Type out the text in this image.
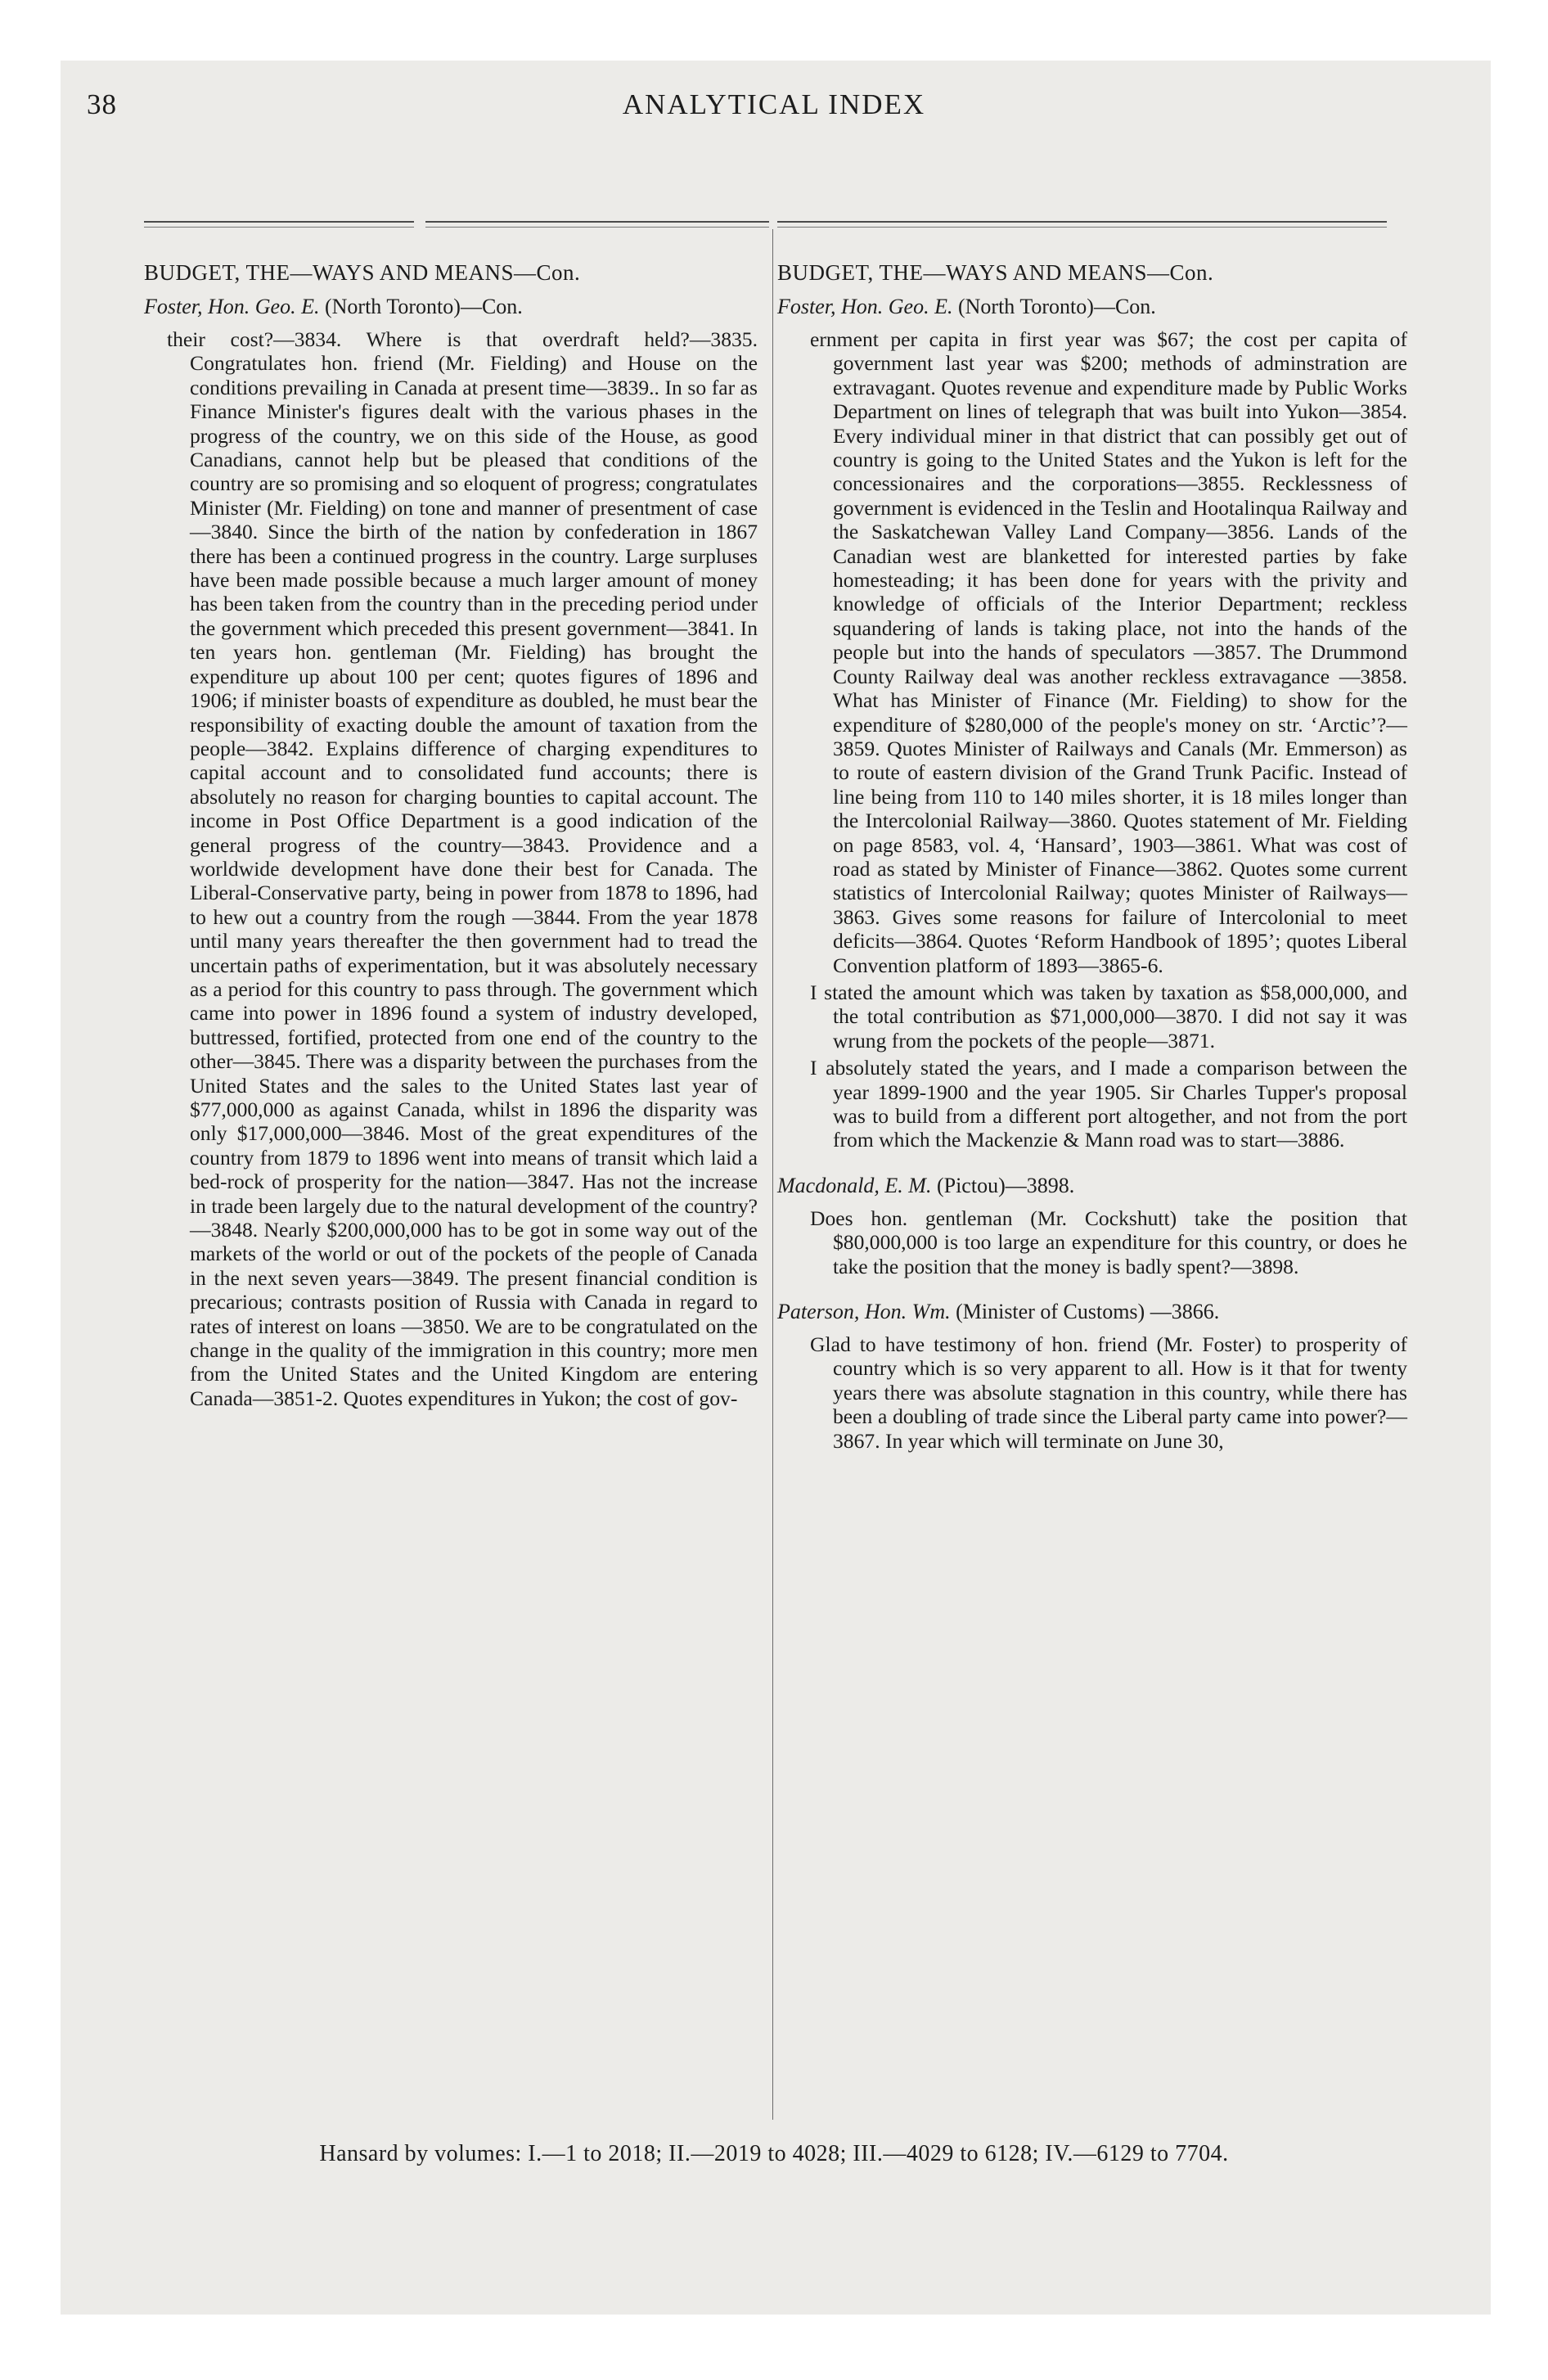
38	ANALYTICAL INDEX

BUDGET, THE—WAYS AND MEANS—Con.

Foster, Hon. Geo. E. (North Toronto)—Con.

their cost?—3834. Where is that overdraft held?—3835. Congratulates hon. friend (Mr. Fielding) and House on the conditions prevailing in Canada at present time—3839.. In so far as Finance Minister's figures dealt with the various phases in the progress of the country, we on this side of the House, as good Canadians, cannot help but be pleased that conditions of the country are so promising and so eloquent of progress; congratulates Minister (Mr. Fielding) on tone and manner of presentment of case—3840. Since the birth of the nation by confederation in 1867 there has been a continued progress in the country. Large surpluses have been made possible because a much larger amount of money has been taken from the country than in the preceding period under the government which preceded this present government—3841. In ten years hon. gentleman (Mr. Fielding) has brought the expenditure up about 100 per cent; quotes figures of 1896 and 1906; if minister boasts of expenditure as doubled, he must bear the responsibility of exacting double the amount of taxation from the people—3842. Explains difference of charging expenditures to capital account and to consolidated fund accounts; there is absolutely no reason for charging bounties to capital account. The income in Post Office Department is a good indication of the general progress of the country—3843. Providence and a worldwide development have done their best for Canada. The Liberal-Conservative party, being in power from 1878 to 1896, had to hew out a country from the rough —3844. From the year 1878 until many years thereafter the then government had to tread the uncertain paths of experimentation, but it was absolutely necessary as a period for this country to pass through. The government which came into power in 1896 found a system of industry developed, buttressed, fortified, protected from one end of the country to the other—3845. There was a disparity between the purchases from the United States and the sales to the United States last year of $77,000,000 as against Canada, whilst in 1896 the disparity was only $17,000,000—3846. Most of the great expenditures of the country from 1879 to 1896 went into means of transit which laid a bed-rock of prosperity for the nation—3847. Has not the increase in trade been largely due to the natural development of the country?—3848. Nearly $200,000,000 has to be got in some way out of the markets of the world or out of the pockets of the people of Canada in the next seven years—3849. The present financial condition is precarious; contrasts position of Russia with Canada in regard to rates of interest on loans —3850. We are to be congratulated on the change in the quality of the immigration in this country; more men from the United States and the United Kingdom are entering Canada—3851-2. Quotes expenditures in Yukon; the cost of gov-

BUDGET, THE—WAYS AND MEANS—Con.

Foster, Hon. Geo. E. (North Toronto)—Con.

ernment per capita in first year was $67; the cost per capita of government last year was $200; methods of adminstration are extravagant. Quotes revenue and expenditure made by Public Works Department on lines of telegraph that was built into Yukon—3854. Every individual miner in that district that can possibly get out of country is going to the United States and the Yukon is left for the concessionaires and the corporations—3855. Recklessness of government is evidenced in the Teslin and Hootalinqua Railway and the Saskatchewan Valley Land Company—3856. Lands of the Canadian west are blanketted for interested parties by fake homesteading; it has been done for years with the privity and knowledge of officials of the Interior Department; reckless squandering of lands is taking place, not into the hands of the people but into the hands of speculators —3857. The Drummond County Railway deal was another reckless extravagance —3858. What has Minister of Finance (Mr. Fielding) to show for the expenditure of $280,000 of the people's money on str. ‘Arctic’?—3859. Quotes Minister of Railways and Canals (Mr. Emmerson) as to route of eastern division of the Grand Trunk Pacific. Instead of line being from 110 to 140 miles shorter, it is 18 miles longer than the Intercolonial Railway—3860. Quotes statement of Mr. Fielding on page 8583, vol. 4, ‘Hansard’, 1903—3861. What was cost of road as stated by Minister of Finance—3862. Quotes some current statistics of Intercolonial Railway; quotes Minister of Railways—3863. Gives some reasons for failure of Intercolonial to meet deficits—3864. Quotes ‘Reform Handbook of 1895’; quotes Liberal Convention platform of 1893—3865-6.

I stated the amount which was taken by taxation as $58,000,000, and the total contribution as $71,000,000—3870. I did not say it was wrung from the pockets of the people—3871.

I absolutely stated the years, and I made a comparison between the year 1899-1900 and the year 1905. Sir Charles Tupper's proposal was to build from a different port altogether, and not from the port from which the Mackenzie & Mann road was to start—3886.

Macdonald, E. M. (Pictou)—3898.

Does hon. gentleman (Mr. Cockshutt) take the position that $80,000,000 is too large an expenditure for this country, or does he take the position that the money is badly spent?—3898.

Paterson, Hon. Wm. (Minister of Customs) —3866.

Glad to have testimony of hon. friend (Mr. Foster) to prosperity of country which is so very apparent to all. How is it that for twenty years there was absolute stagnation in this country, while there has been a doubling of trade since the Liberal party came into power?—3867. In year which will terminate on June 30,

Hansard by volumes: I.—1 to 2018; II.—2019 to 4028; III.—4029 to 6128; IV.—6129 to 7704.
